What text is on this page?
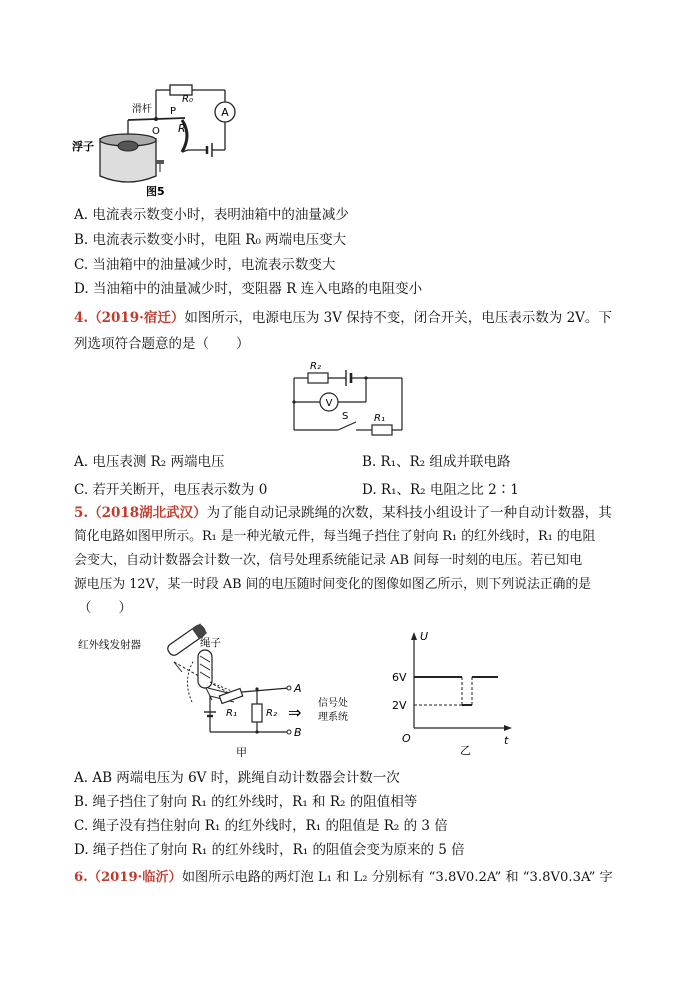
A
R
滑杆
O
P
R₀
浮子
图5
A. 电流表示数变小时，表明油箱中的油量减少
B. 电流表示数变小时，电阻 R₀ 两端电压变大
C. 当油箱中的油量减少时，电流表示数变大
D. 当油箱中的油量减少时，变阻器 R 连入电路的电阻变小
4.（2019·宿迁）如图所示，电源电压为 3V 保持不变，闭合开关，电压表示数为 2V。下
列选项符合题意的是（　　）
R₂
V
S	R₁
A. 电压表测 R₂ 两端电压	B. R₁、R₂ 组成并联电路
C. 若开关断开，电压表示数为 0	D. R₁、R₂ 电阻之比 2∶1
5.（2018湖北武汉）为了能自动记录跳绳的次数，某科技小组设计了一种自动计数器，其
简化电路如图甲所示。R₁ 是一种光敏元件，每当绳子挡住了射向 R₁ 的红外线时，R₁ 的电阻
会变大，自动计数器会计数一次，信号处理系统能记录 AB 间每一时刻的电压。若已知电
源电压为 12V，某一时段 AB 间的电压随时间变化的图像如图乙所示，则下列说法正确的是
（　　）
红外线发射器	绳子
R₁	R₂
A
B
⇒ 信号处
理系统
甲
U
6V
2V
O	t
乙
A. AB 两端电压为 6V 时，跳绳自动计数器会计数一次
B. 绳子挡住了射向 R₁ 的红外线时，R₁ 和 R₂ 的阻值相等
C. 绳子没有挡住射向 R₁ 的红外线时，R₁ 的阻值是 R₂ 的 3 倍
D. 绳子挡住了射向 R₁ 的红外线时，R₁ 的阻值会变为原来的 5 倍
6.（2019·临沂）如图所示电路的两灯泡 L₁ 和 L₂ 分别标有 “3.8V0.2A” 和 “3.8V0.3A” 字
